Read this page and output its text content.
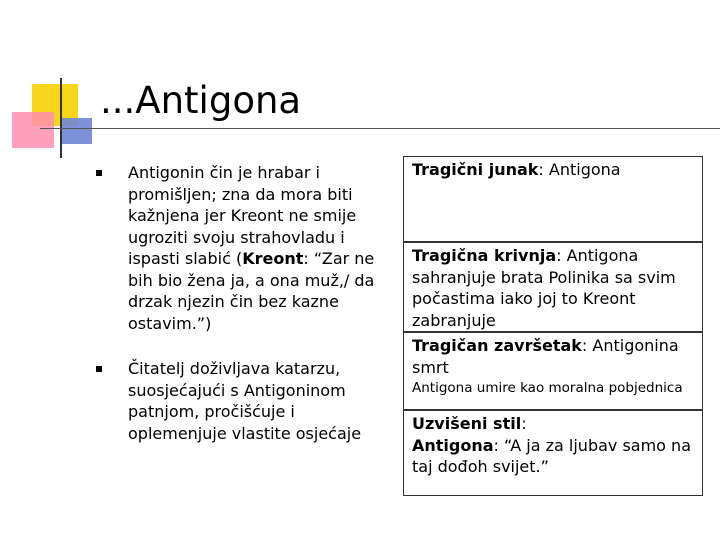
...Antigona
Antigonin čin je hrabar i promišljen; zna da mora biti kažnjena jer Kreont ne smije ugroziti svoju strahovladu i ispasti slabić (Kreont: “Zar ne bih bio žena ja, a ona muž,/ da drzak njezin čin bez kazne ostavim.”)
Čitatelj doživljava katarzu, suosjećajući s Antigoninom patnjom, pročišćuje i oplemenjuje vlastite osjećaje
Tragični junak: Antigona
Tragična krivnja: Antigona sahranjuje brata Polinika sa svim počastima iako joj to Kreont zabranjuje
Tragičan završetak: Antigonina smrt
Antigona umire kao moralna pobjednica
Uzvišeni stil:
Antigona: “A ja za ljubav samo na taj dođoh svijet.”
